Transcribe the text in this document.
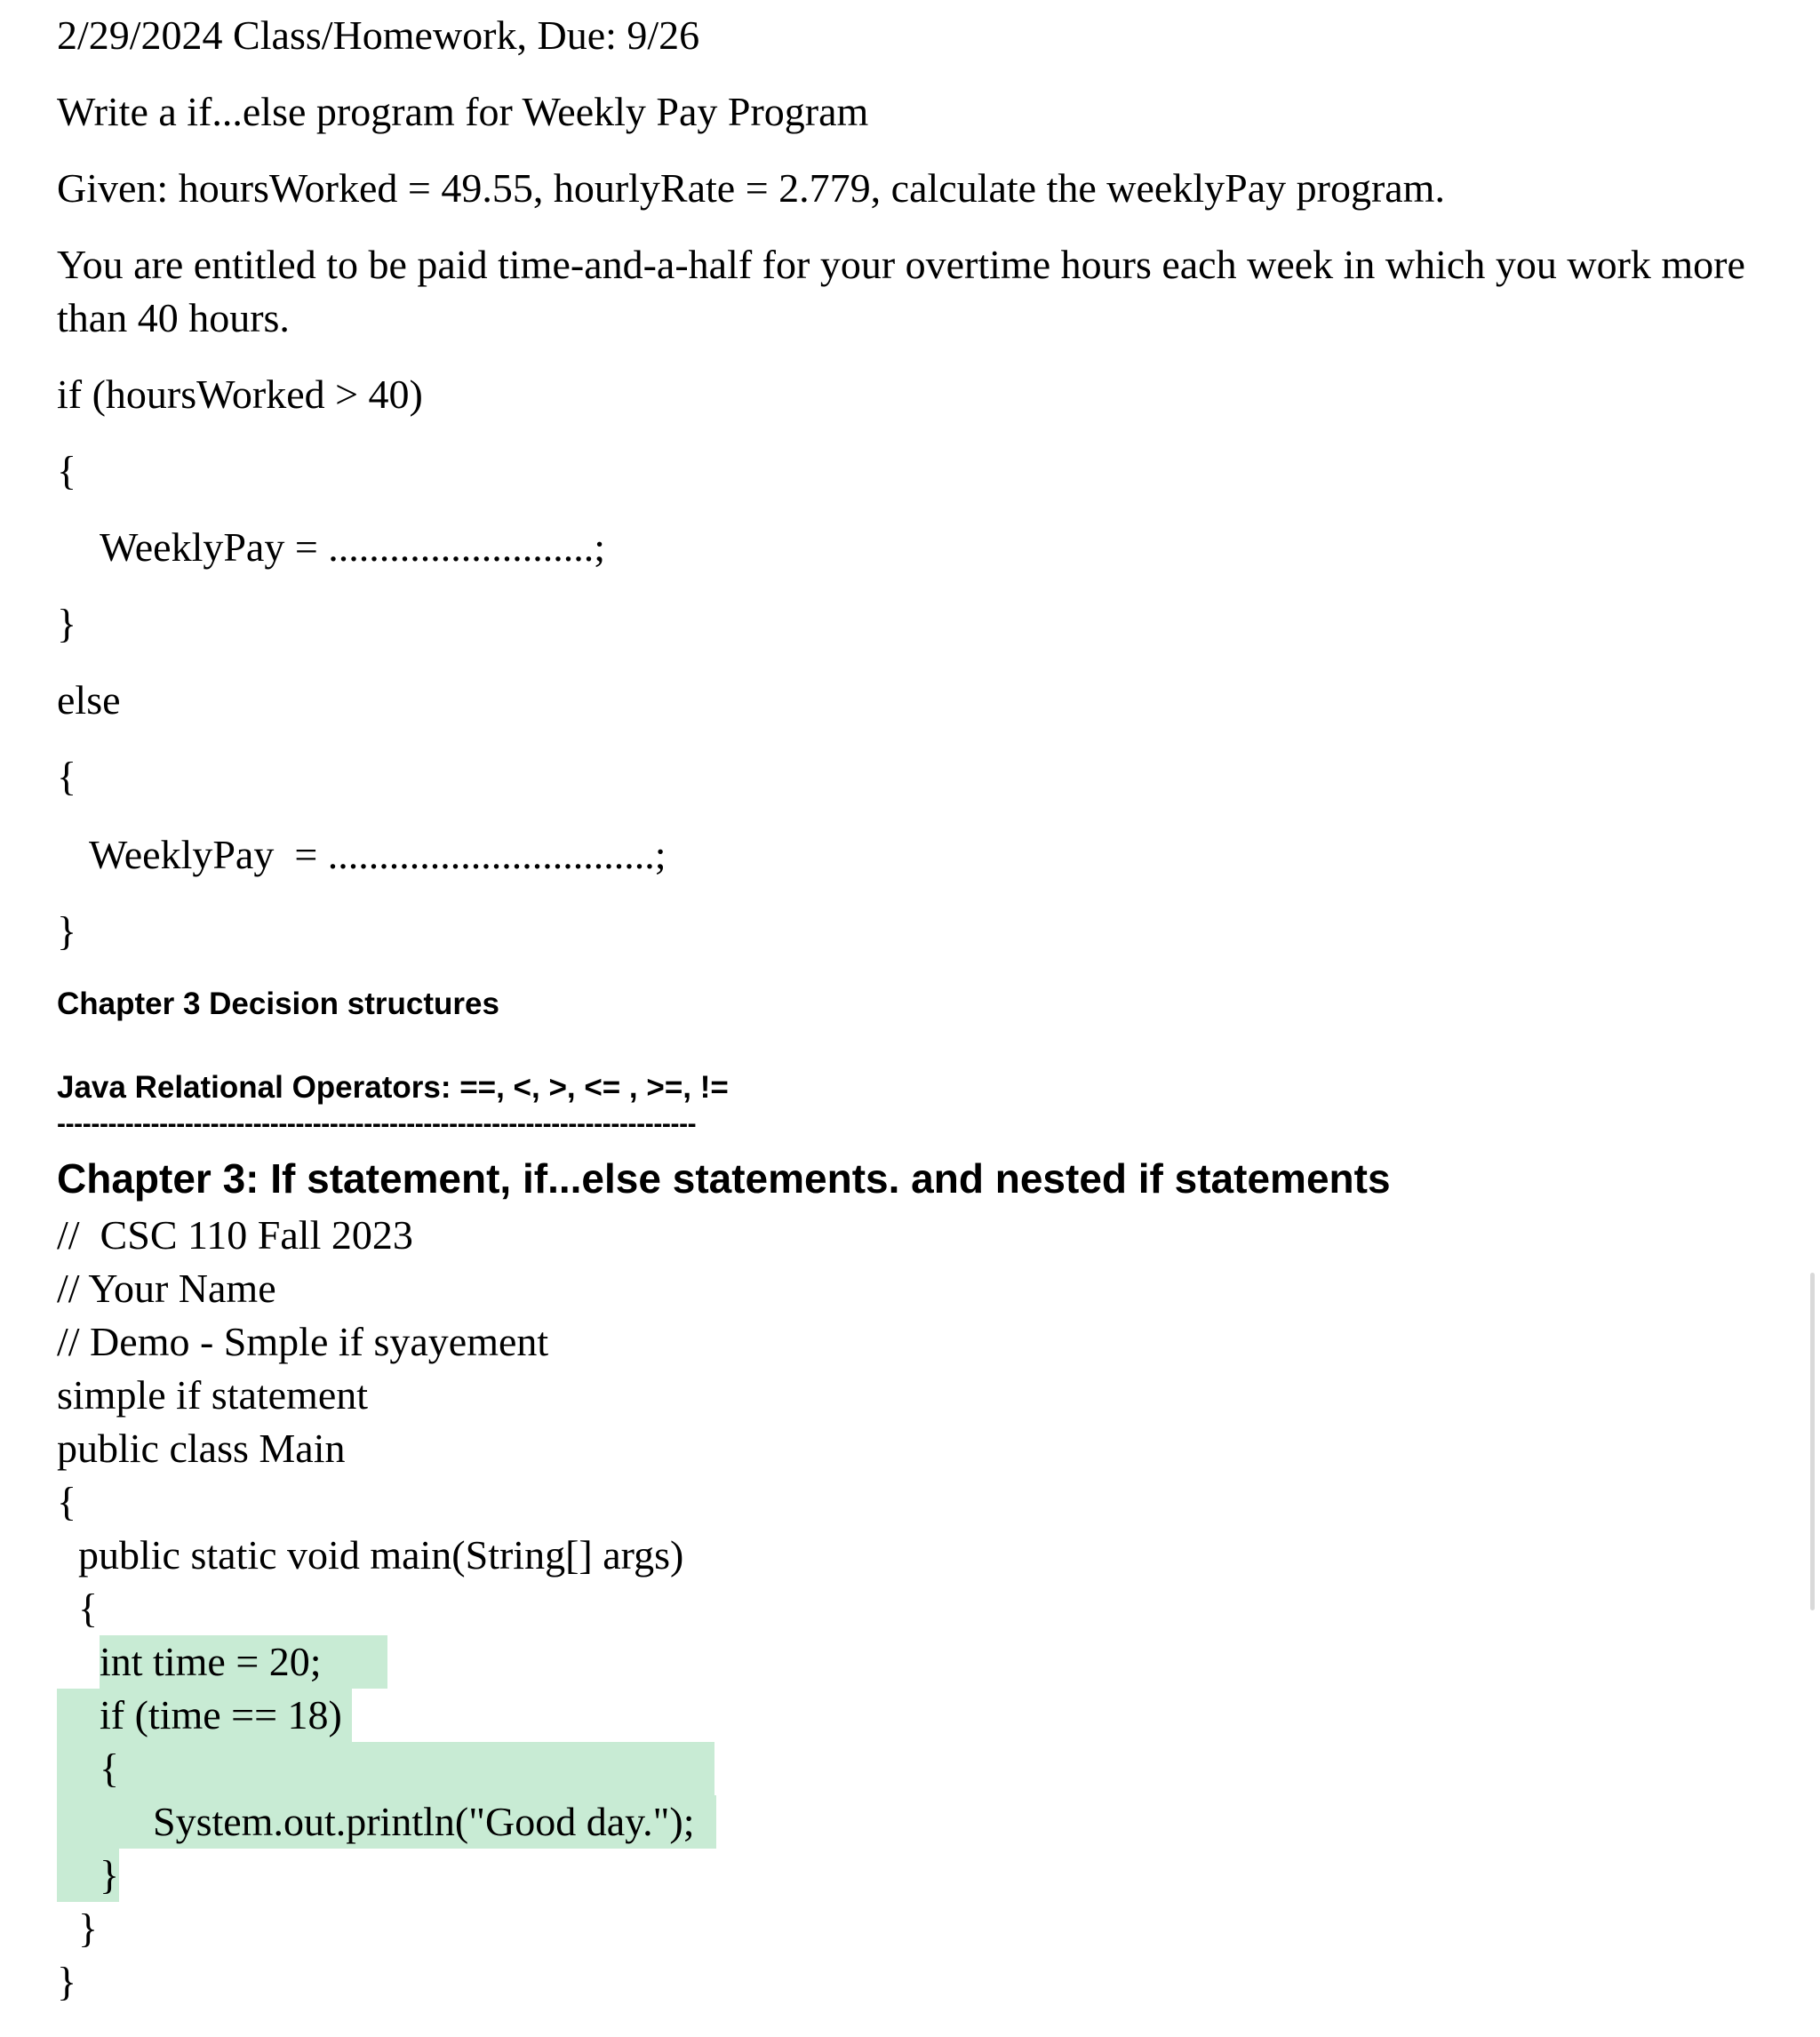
2/29/2024 Class/Homework, Due: 9/26
Write a if...else program for Weekly Pay Program
Given: hoursWorked = 49.55, hourlyRate = 2.779, calculate the weeklyPay program.
You are entitled to be paid time-and-a-half for your overtime hours each week in which you work more than 40 hours.
if (hoursWorked > 40)
{
WeeklyPay = ..........................;
}
else
{
WeeklyPay  = ................................;
}
Chapter 3 Decision structures
Java Relational Operators: ==, <, >, <= , >=, !=
---------------------------------------------------------------------------
Chapter 3: If statement, if...else statements. and nested if statements
//  CSC 110 Fall 2023
// Your Name
// Demo - Smple if syayement
simple if statement
public class Main
{
public static void main(String[] args)
{
int time = 20;
if (time == 18)
{
System.out.println("Good day.");
}
}
}
